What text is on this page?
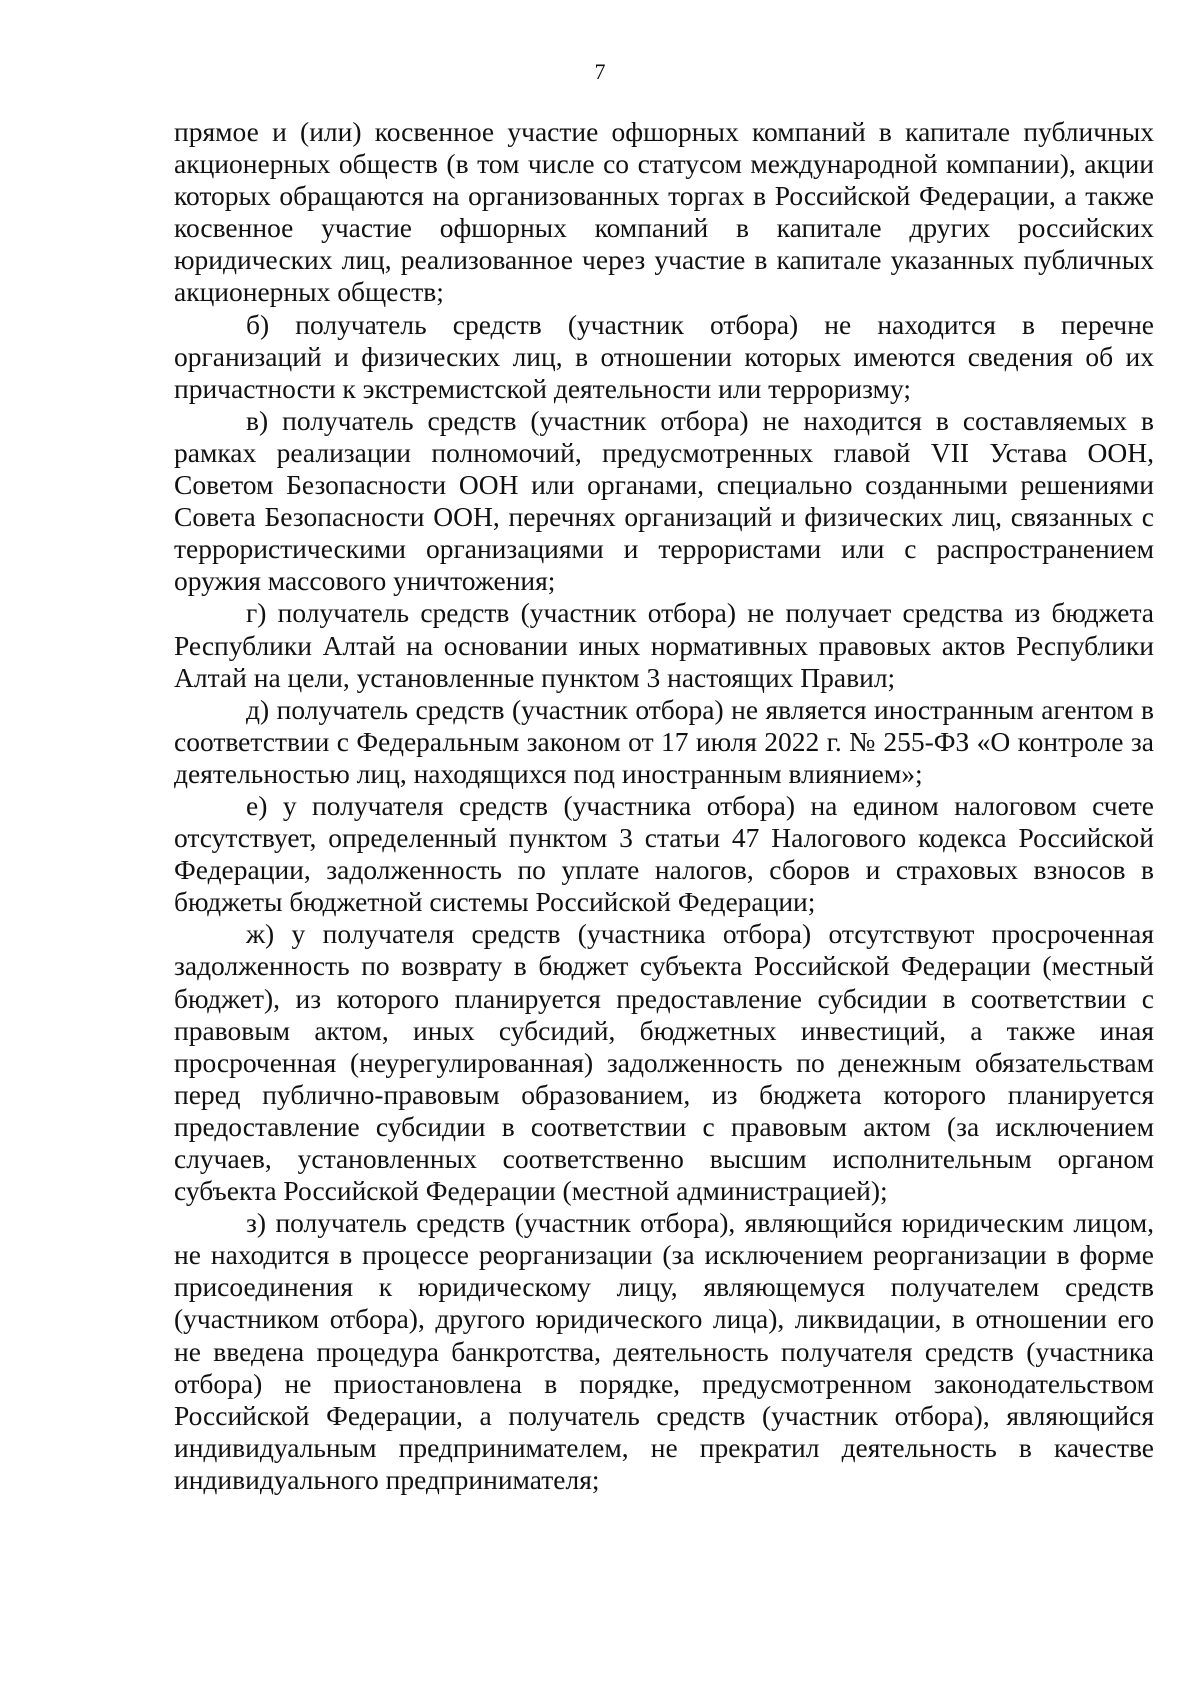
7

прямое и (или) косвенное участие офшорных компаний в капитале публичных акционерных обществ (в том числе со статусом международной компании), акции которых обращаются на организованных торгах в Российской Федерации, а также косвенное участие офшорных компаний в капитале других российских юридических лиц, реализованное через участие в капитале указанных публичных акционерных обществ;

б) получатель средств (участник отбора) не находится в перечне организаций и физических лиц, в отношении которых имеются сведения об их причастности к экстремистской деятельности или терроризму;

в) получатель средств (участник отбора) не находится в составляемых в рамках реализации полномочий, предусмотренных главой VII Устава ООН, Советом Безопасности ООН или органами, специально созданными решениями Совета Безопасности ООН, перечнях организаций и физических лиц, связанных с террористическими организациями и террористами или с распространением оружия массового уничтожения;

г) получатель средств (участник отбора) не получает средства из бюджета Республики Алтай на основании иных нормативных правовых актов Республики Алтай на цели, установленные пунктом 3 настоящих Правил;

д) получатель средств (участник отбора) не является иностранным агентом в соответствии с Федеральным законом от 17 июля 2022 г. № 255-ФЗ «О контроле за деятельностью лиц, находящихся под иностранным влиянием»;

е) у получателя средств (участника отбора) на едином налоговом счете отсутствует, определенный пунктом 3 статьи 47 Налогового кодекса Российской Федерации, задолженность по уплате налогов, сборов и страховых взносов в бюджеты бюджетной системы Российской Федерации;

ж) у получателя средств (участника отбора) отсутствуют просроченная задолженность по возврату в бюджет субъекта Российской Федерации (местный бюджет), из которого планируется предоставление субсидии в соответствии с правовым актом, иных субсидий, бюджетных инвестиций, а также иная просроченная (неурегулированная) задолженность по денежным обязательствам перед публично-правовым образованием, из бюджета которого планируется предоставление субсидии в соответствии с правовым актом (за исключением случаев, установленных соответственно высшим исполнительным органом субъекта Российской Федерации (местной администрацией);

з) получатель средств (участник отбора), являющийся юридическим лицом, не находится в процессе реорганизации (за исключением реорганизации в форме присоединения к юридическому лицу, являющемуся получателем средств (участником отбора), другого юридического лица), ликвидации, в отношении его не введена процедура банкротства, деятельность получателя средств (участника отбора) не приостановлена в порядке, предусмотренном законодательством Российской Федерации, а получатель средств (участник отбора), являющийся индивидуальным предпринимателем, не прекратил деятельность в качестве индивидуального предпринимателя;
